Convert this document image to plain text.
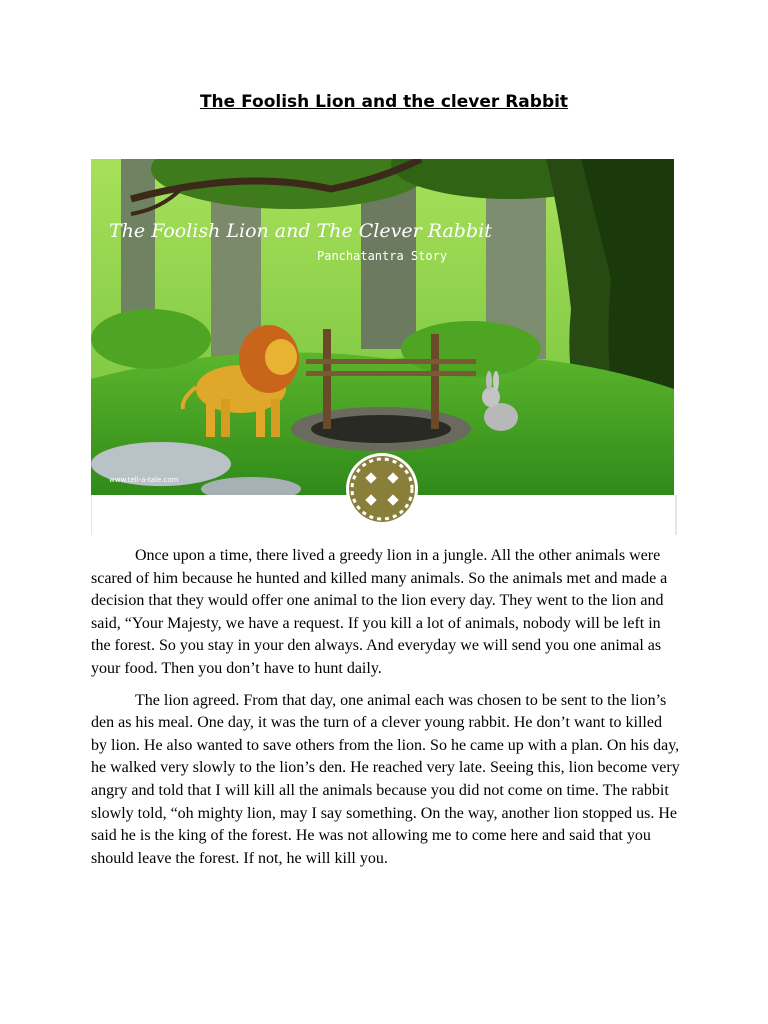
The Foolish Lion and the clever Rabbit
The Foolish Lion and The Clever Rabbit
Panchatantra Story
www.tell-a-tale.com

Once upon a time, there lived a greedy lion in a jungle. All the other animals were scared of him because he hunted and killed many animals. So the animals met and made a decision that they would offer one animal to the lion every day. They went to the lion and said, “Your Majesty, we have a request. If you kill a lot of animals, nobody will be left in the forest. So you stay in your den always. And everyday we will send you one animal as your food. Then you don’t have to hunt daily.

The lion agreed. From that day, one animal each was chosen to be sent to the lion’s den as his meal. One day, it was the turn of a clever young rabbit. He don’t want to killed by lion. He also wanted to save others from the lion. So he came up with a plan. On his day, he walked very slowly to the lion’s den. He reached very late. Seeing this, lion become very angry and told that I will kill all the animals because you did not come on time. The rabbit slowly told, “oh mighty lion, may I say something. On the way, another lion stopped us. He said he is the king of the forest. He was not allowing me to come here and said that you should leave the forest. If not, he will kill you.
